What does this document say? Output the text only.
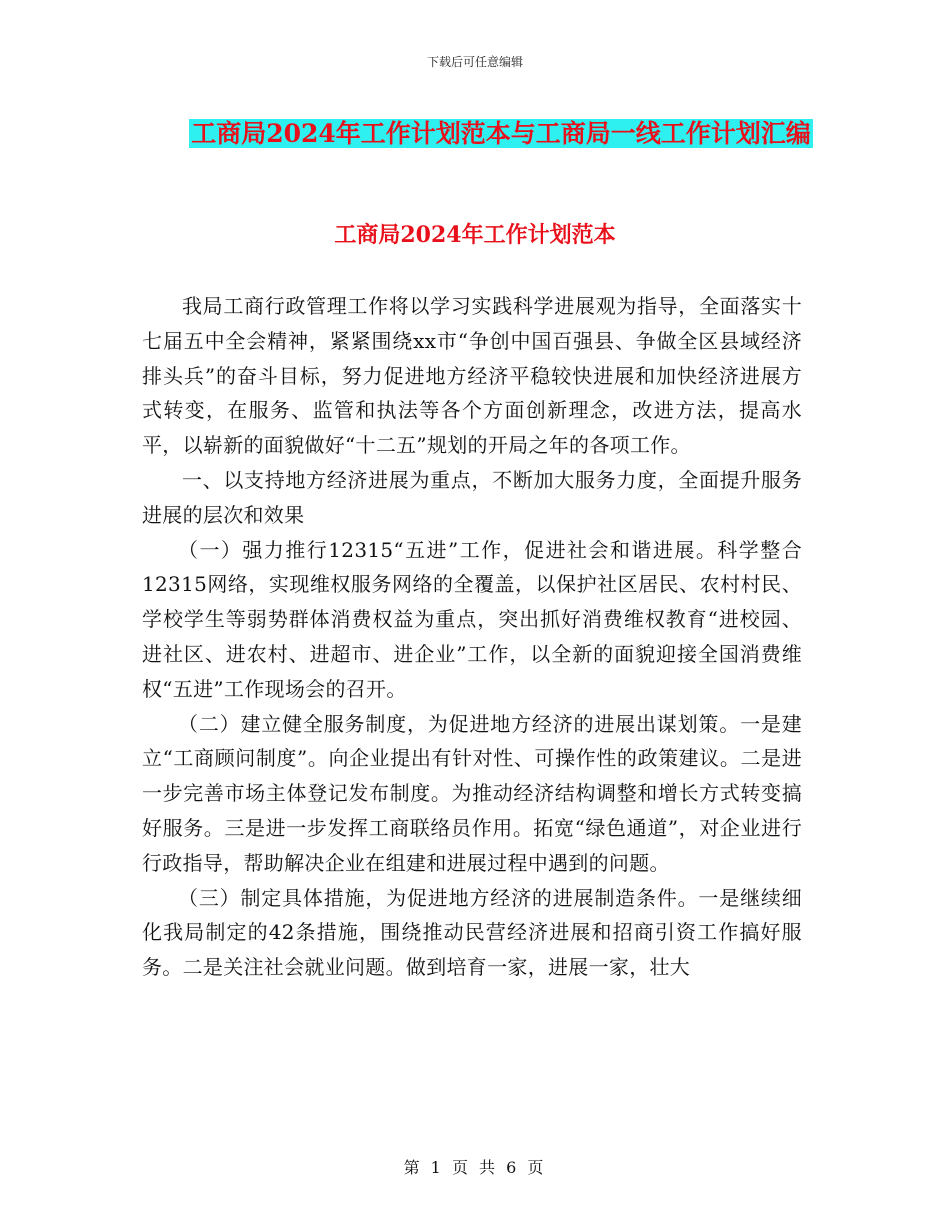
下载后可任意编辑
工商局2024年工作计划范本与工商局一线工作计划汇编
工商局2024年工作计划范本

我局工商行政管理工作将以学习实践科学进展观为指导，全面落实十七届五中全会精神，紧紧围绕xx市“争创中国百强县、争做全区县域经济排头兵”的奋斗目标，努力促进地方经济平稳较快进展和加快经济进展方式转变，在服务、监管和执法等各个方面创新理念，改进方法，提高水平，以崭新的面貌做好“十二五”规划的开局之年的各项工作。

一、以支持地方经济进展为重点，不断加大服务力度，全面提升服务进展的层次和效果

（一）强力推行12315“五进”工作，促进社会和谐进展。科学整合12315网络，实现维权服务网络的全覆盖，以保护社区居民、农村村民、学校学生等弱势群体消费权益为重点，突出抓好消费维权教育“进校园、进社区、进农村、进超市、进企业”工作，以全新的面貌迎接全国消费维权“五进”工作现场会的召开。

（二）建立健全服务制度，为促进地方经济的进展出谋划策。一是建立“工商顾问制度”。向企业提出有针对性、可操作性的政策建议。二是进一步完善市场主体登记发布制度。为推动经济结构调整和增长方式转变搞好服务。三是进一步发挥工商联络员作用。拓宽“绿色通道”，对企业进行行政指导，帮助解决企业在组建和进展过程中遇到的问题。

（三）制定具体措施，为促进地方经济的进展制造条件。一是继续细化我局制定的42条措施，围绕推动民营经济进展和招商引资工作搞好服务。二是关注社会就业问题。做到培育一家，进展一家，壮大

第 1 页 共 6 页
